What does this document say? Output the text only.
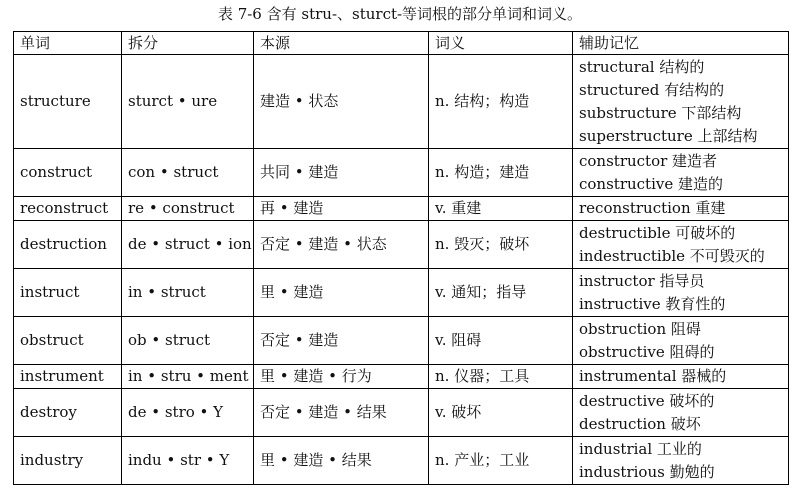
表 7-6 含有 stru-、sturct-等词根的部分单词和词义。
单词	拆分	本源	词义	辅助记忆
structure	sturct • ure	建造 • 状态	n. 结构；构造	structural 结构的
structured 有结构的
substructure 下部结构
superstructure 上部结构

construct	con • struct	共同 • 建造	n. 构造；建造	constructor 建造者
constructive 建造的

reconstruct	re • construct	再 • 建造	v. 重建	reconstruction 重建

destruction	de • struct • ion	否定 • 建造 • 状态	n. 毁灭；破坏	destructible 可破坏的
indestructible 不可毁灭的

instruct	in • struct	里 • 建造	v. 通知；指导	instructor 指导员
instructive 教育性的

obstruct	ob • struct	否定 • 建造	v. 阻碍	obstruction 阻碍
obstructive 阻碍的

instrument	in • stru • ment	里 • 建造 • 行为	n. 仪器；工具	instrumental 器械的

destroy	de • stro • Y	否定 • 建造 • 结果	v. 破坏	destructive 破坏的
destruction 破坏

industry	indu • str • Y	里 • 建造 • 结果	n. 产业；工业	industrial 工业的
industrious 勤勉的
